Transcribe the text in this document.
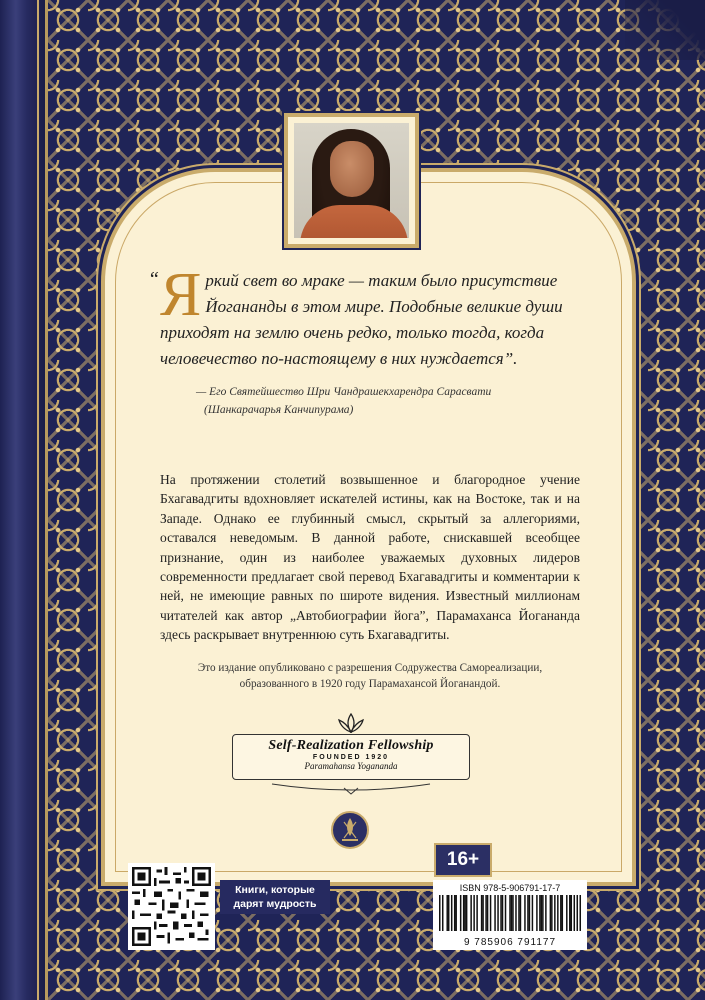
Я ркий свет во мраке — таким было присутствие Йогананды в этом мире. Подобные великие души приходят на землю очень редко, только тогда, когда человечество по-настоящему в них нуждается”.
“
— Его Святейшество Шри Чандрашекхарендра Сарасвати
(Шанкарачарья Канчипурама)

На протяжении столетий возвышенное и благородное учение Бхагавадгиты вдохновляет искателей истины, как на Востоке, так и на Западе. Однако ее глубинный смысл, скрытый за аллегориями, оставался неведомым. В данной работе, снискавшей всеобщее признание, один из наиболее уважаемых духовных лидеров современности предлагает свой перевод Бхагавадгиты и комментарии к ней, не имеющие равных по широте видения. Известный миллионам читателей как автор „Автобиографии йога”, Парамаханса Йогананда здесь раскрывает внутреннюю суть Бхагавадгиты.

Это издание опубликовано с разрешения Содружества Самореализации,
образованного в 1920 году Парамахансой Йоганандой.
Self-Realization Fellowship
FOUNDED 1920
Paramahansa Yogananda
16+
Книги, которые
дарят мудрость
ISBN 978-5-906791-17-7
9 785906 791177
